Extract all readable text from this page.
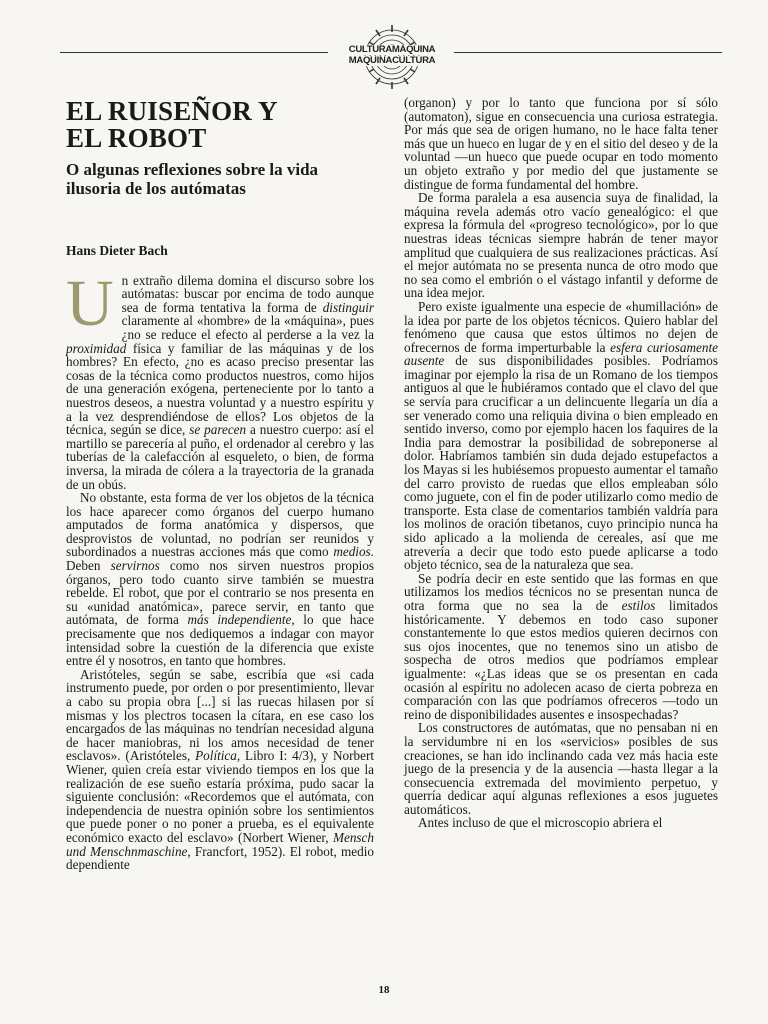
CULTURAMAQUINA
MAQUINACULTURA
EL RUISEÑOR Y
EL ROBOT
O algunas reflexiones sobre la vida ilusoria de los autómatas
Hans Dieter Bach

Un extraño dilema domina el discurso sobre los autómatas: buscar por encima de todo aunque sea de forma tentativa la forma de distinguir claramente al «hombre» de la «máquina», pues ¿no se reduce el efecto al perderse a la vez la proximidad física y familiar de las máquinas y de los hombres? En efecto, ¿no es acaso preciso presentar las cosas de la técnica como productos nuestros, como hijos de una generación exógena, perteneciente por lo tanto a nuestros deseos, a nuestra voluntad y a nuestro espíritu y a la vez desprendiéndose de ellos? Los objetos de la técnica, según se dice, se parecen a nuestro cuerpo: así el martillo se parecería al puño, el ordenador al cerebro y las tuberías de la calefacción al esqueleto, o bien, de forma inversa, la mirada de cólera a la trayectoria de la granada de un obús.

No obstante, esta forma de ver los objetos de la técnica los hace aparecer como órganos del cuerpo humano amputados de forma anatómica y dispersos, que desprovistos de voluntad, no podrían ser reunidos y subordinados a nuestras acciones más que como medios. Deben servirnos como nos sirven nuestros propios órganos, pero todo cuanto sirve también se muestra rebelde. El robot, que por el contrario se nos presenta en su «unidad anatómica», parece servir, en tanto que autómata, de forma más independiente, lo que hace precisamente que nos dediquemos a indagar con mayor intensidad sobre la cuestión de la diferencia que existe entre él y nosotros, en tanto que hombres.

Aristóteles, según se sabe, escribía que «si cada instrumento puede, por orden o por presentimiento, llevar a cabo su propia obra [...] si las ruecas hilasen por sí mismas y los plectros tocasen la cítara, en ese caso los encargados de las máquinas no tendrían necesidad alguna de hacer maniobras, ni los amos necesidad de tener esclavos». (Aristóteles, Política, Libro I: 4/3), y Norbert Wiener, quien creía estar viviendo tiempos en los que la realización de ese sueño estaría próxima, pudo sacar la siguiente conclusión: «Recordemos que el autómata, con independencia de nuestra opinión sobre los sentimientos que puede poner o no poner a prueba, es el equivalente económico exacto del esclavo» (Norbert Wiener, Mensch und Menschnmaschine, Francfort, 1952). El robot, medio dependiente

(organon) y por lo tanto que funciona por sí sólo (automaton), sigue en consecuencia una curiosa estrategia. Por más que sea de origen humano, no le hace falta tener más que un hueco en lugar de y en el sitio del deseo y de la voluntad —un hueco que puede ocupar en todo momento un objeto extraño y por medio del que justamente se distingue de forma fundamental del hombre.

De forma paralela a esa ausencia suya de finalidad, la máquina revela además otro vacío genealógico: el que expresa la fórmula del «progreso tecnológico», por lo que nuestras ideas técnicas siempre habrán de tener mayor amplitud que cualquiera de sus realizaciones prácticas. Así el mejor autómata no se presenta nunca de otro modo que no sea como el embrión o el vástago infantil y deforme de una idea mejor.

Pero existe igualmente una especie de «humillación» de la idea por parte de los objetos técnicos. Quiero hablar del fenómeno que causa que estos últimos no dejen de ofrecernos de forma imperturbable la esfera curiosamente ausente de sus disponibilidades posibles. Podríamos imaginar por ejemplo la risa de un Romano de los tiempos antiguos al que le hubiéramos contado que el clavo del que se servía para crucificar a un delincuente llegaría un día a ser venerado como una reliquia divina o bien empleado en sentido inverso, como por ejemplo hacen los faquires de la India para demostrar la posibilidad de sobreponerse al dolor. Habríamos también sin duda dejado estupefactos a los Mayas si les hubiésemos propuesto aumentar el tamaño del carro provisto de ruedas que ellos empleaban sólo como juguete, con el fin de poder utilizarlo como medio de transporte. Esta clase de comentarios también valdría para los molinos de oración tibetanos, cuyo principio nunca ha sido aplicado a la molienda de cereales, así que me atrevería a decir que todo esto puede aplicarse a todo objeto técnico, sea de la naturaleza que sea.

Se podría decir en este sentido que las formas en que utilizamos los medios técnicos no se presentan nunca de otra forma que no sea la de estilos limitados históricamente. Y debemos en todo caso suponer constantemente lo que estos medios quieren decirnos con sus ojos inocentes, que no tenemos sino un atisbo de sospecha de otros medios que podríamos emplear igualmente: «¿Las ideas que se os presentan en cada ocasión al espíritu no adolecen acaso de cierta pobreza en comparación con las que podríamos ofreceros —todo un reino de disponibilidades ausentes e insospechadas?

Los constructores de autómatas, que no pensaban ni en la servidumbre ni en los «servicios» posibles de sus creaciones, se han ido inclinando cada vez más hacia este juego de la presencia y de la ausencia —hasta llegar a la consecuencia extremada del movimiento perpetuo, y querría dedicar aquí algunas reflexiones a esos juguetes automáticos.

Antes incluso de que el microscopio abriera el

18
